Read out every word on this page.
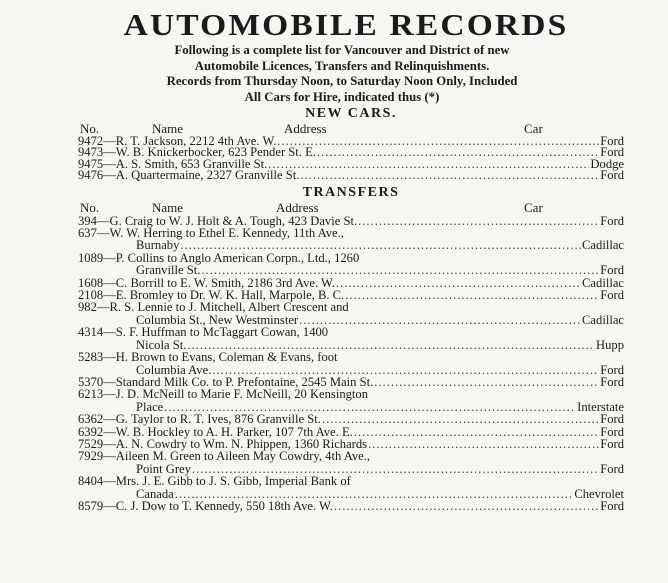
AUTOMOBILE RECORDS
Following is a complete list for Vancouver and District of new
Automobile Licences, Transfers and Relinquishments.
Records from Thursday Noon, to Saturday Noon Only, Included
All Cars for Hire, indicated thus (*)
NEW CARS.
No.	Name	Address	Car
9472—R. T. Jackson, 2212 4th Ave. W. .....	Ford
9473—W. B. Knickerbocker, 623 Pender St. E. .....	Ford
9475—A. S. Smith, 653 Granville St. .....	Dodge
9476—A. Quartermaine, 2327 Granville St. .....	Ford
TRANSFERS
No.	Name	Address	Car
394—G. Craig to W. J. Holt & A. Tough, 423 Davie St. .....	Ford
637—W. W. Herring to Ethel E. Kennedy, 11th Ave.,
Burnaby .....	Cadillac
1089—P. Collins to Anglo American Corpn., Ltd., 1260
Granville St. .....	Ford
1608—C. Borrill to E. W. Smith, 2186 3rd Ave. W. .....	Cadillac
2108—E. Bromley to Dr. W. K. Hall, Marpole, B. C. .....	Ford
982—R. S. Lennie to J. Mitchell, Albert Crescent and
Columbia St., New Westminster .....	Cadillac
4314—S. F. Huffman to McTaggart Cowan, 1400
Nicola St. .....	Hupp
5283—H. Brown to Evans, Coleman & Evans, foot
Columbia Ave. .....	Ford
5370—Standard Milk Co. to P. Prefontaine, 2545 Main St. .....	Ford
6213—J. D. McNeill to Marie F. McNeill, 20 Kensington
Place .....	Interstate
6362—G. Taylor to R. T. Ives, 876 Granville St. .....	Ford
6392—W. B. Hockley to A. H. Parker, 107 7th Ave. E. .....	Ford
7529—A. N. Cowdry to Wm. N. Phippen, 1360 Richards .....	Ford
7929—Aileen M. Green to Aileen May Cowdry, 4th Ave.,
Point Grey .....	Ford
8404—Mrs. J. E. Gibb to J. S. Gibb, Imperial Bank of
Canada .....	Chevrolet
8579—C. J. Dow to T. Kennedy, 550 18th Ave. W. .....	Ford
